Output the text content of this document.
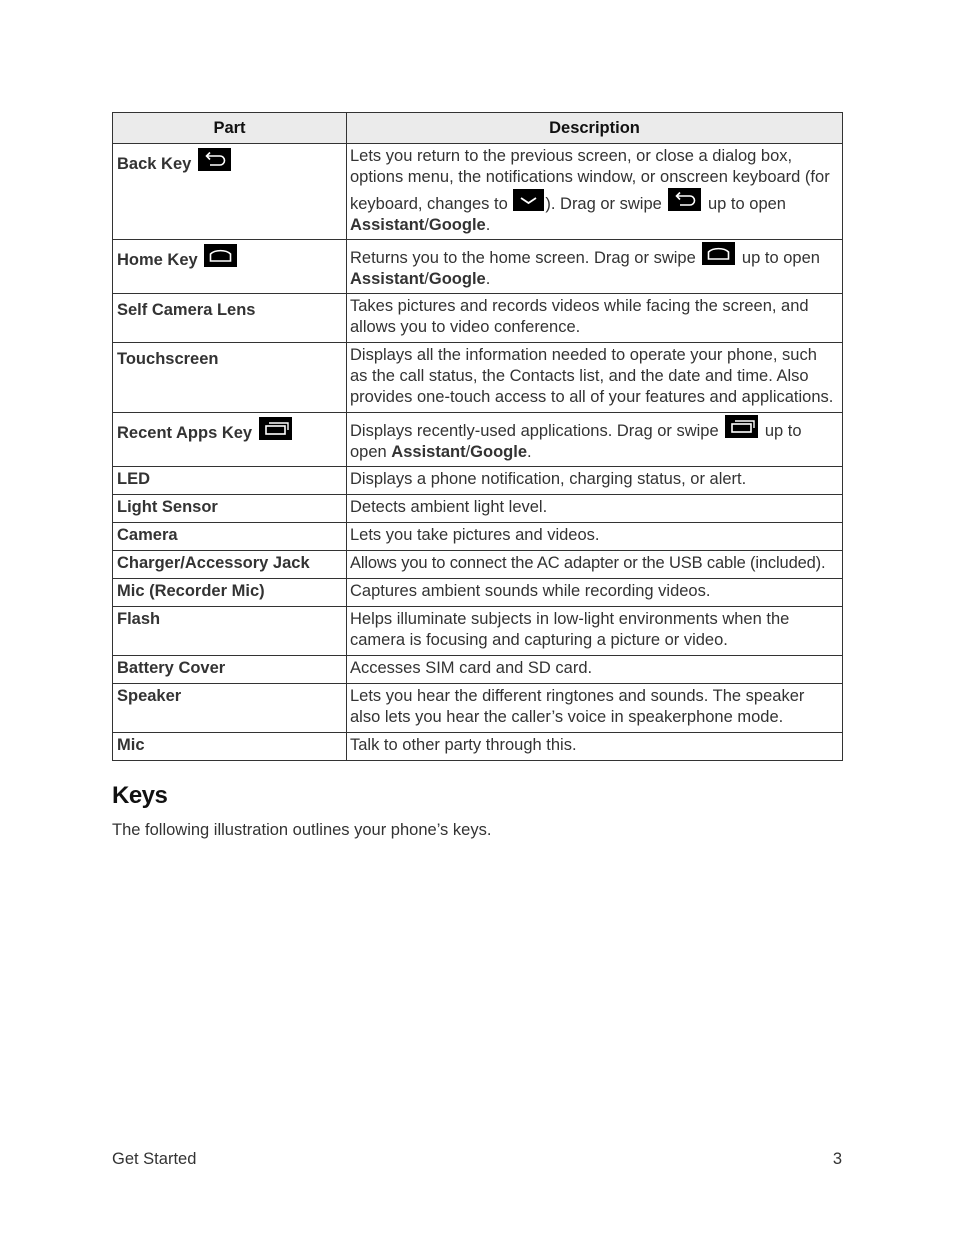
Part	Description
Back Key	Lets you return to the previous screen, or close a dialog box, options menu, the notifications window, or onscreen keyboard (for keyboard, changes to
). Drag or swipe
up to open Assistant/Google.
Home Key	Returns you to the home screen. Drag or swipe
up to open Assistant/Google.
Self Camera Lens	Takes pictures and records videos while facing the screen, and allows you to video conference.
Touchscreen	Displays all the information needed to operate your phone, such as the call status, the Contacts list, and the date and time. Also provides one-touch access to all of your features and applications.
Recent Apps Key	Displays recently-used applications. Drag or swipe
up to open Assistant/Google.
LED	Displays a phone notification, charging status, or alert.
Light Sensor	Detects ambient light level.
Camera	Lets you take pictures and videos.
Charger/Accessory Jack	Allows you to connect the AC adapter or the USB cable (included).
Mic (Recorder Mic)	Captures ambient sounds while recording videos.
Flash	Helps illuminate subjects in low-light environments when the camera is focusing and capturing a picture or video.
Battery Cover	Accesses SIM card and SD card.
Speaker	Lets you hear the different ringtones and sounds. The speaker also lets you hear the caller’s voice in speakerphone mode.
Mic	Talk to other party through this.
Keys

The following illustration outlines your phone’s keys.

Get Started	3
